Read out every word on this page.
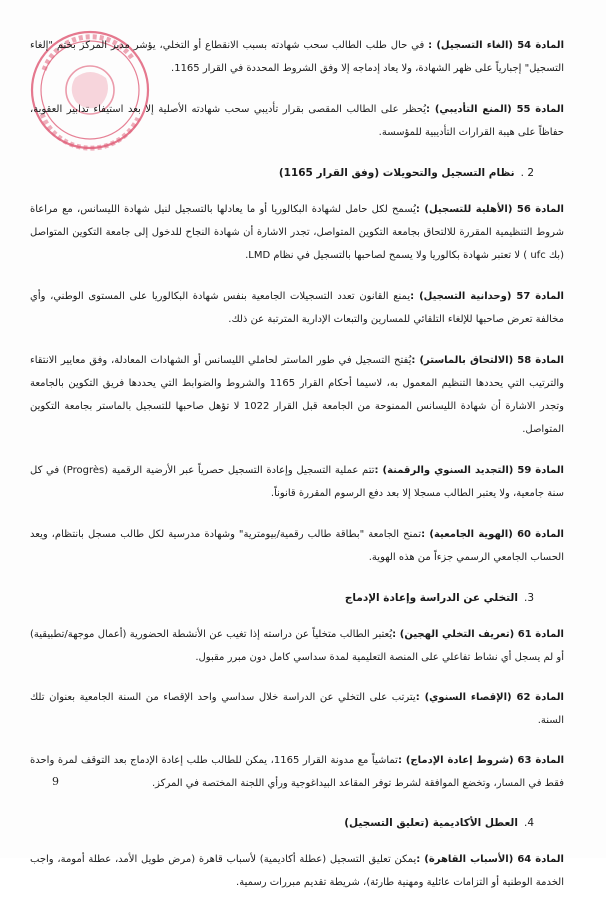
المادة 54 (الغاء التسجيل) : في حال طلب الطالب سحب شهادته بسبب الانقطاع أو التخلي، يؤشر مدير المركز بختم "إلغاء التسجيل" إجبارياً على ظهر الشهادة، ولا يعاد إدماجه إلا وفق الشروط المحددة في القرار 1165.

المادة 55 (المنع التأديبي) :يُحظر على الطالب المقصى بقرار تأديبي سحب شهادته الأصلية إلا بعد استيفاء تدابير العقوبة، حفاظاً على هيبة القرارات التأديبية للمؤسسة.

2 .نظام التسجيل والتحويلات (وفق القرار 1165)

المادة 56 (الأهلية للتسجيل) :يُسمح لكل حامل لشهادة البكالوريا أو ما يعادلها بالتسجيل لنيل شهادة الليسانس، مع مراعاة شروط التنظيمية المقررة للالتحاق بجامعة التكوين المتواصل، تجدر الاشارة أن شهادة النجاح للدخول إلى جامعة التكوين المتواصل (بك ufc ) لا تعتبر شهادة بكالوريا ولا يسمح لصاحبها بالتسجيل في نظام LMD.

المادة 57 (وحدانية التسجيل) :يمنع القانون تعدد التسجيلات الجامعية بنفس شهادة البكالوريا على المستوى الوطني، وأي مخالفة تعرض صاحبها للإلغاء التلقائي للمسارين والتبعات الإدارية المترتبة عن ذلك.

المادة 58 (الالتحاق بالماستر) :يُفتح التسجيل في طور الماستر لحاملي الليسانس أو الشهادات المعادلة، وفق معايير الانتقاء والترتيب التي يحددها التنظيم المعمول به، لاسيما أحكام القرار 1165 والشروط والضوابط التي يحددها فريق التكوين بالجامعة وتجدر الاشارة أن شهادة الليسانس الممنوحة من الجامعة قبل القرار 1022 لا تؤهل صاحبها للتسجيل بالماستر بجامعة التكوين المتواصل.

المادة 59 (التجديد السنوي والرقمنة) :تتم عملية التسجيل وإعادة التسجيل حصرياً عبر الأرضية الرقمية (Progrès) في كل سنة جامعية، ولا يعتبر الطالب مسجلا إلا بعد دفع الرسوم المقررة قانوناً.

المادة 60 (الهوية الجامعية) :تمنح الجامعة "بطاقة طالب رقمية/بيومترية" وشهادة مدرسية لكل طالب مسجل بانتظام، ويعد الحساب الجامعي الرسمي جزءاً من هذه الهوية.

3.التخلي عن الدراسة وإعادة الإدماج

المادة 61 (تعريف التخلي الهجين) :يُعتبر الطالب متخلياً عن دراسته إذا تغيب عن الأنشطة الحضورية (أعمال موجهة/تطبيقية) أو لم يسجل أي نشاط تفاعلي على المنصة التعليمية لمدة سداسي كامل دون مبرر مقبول.

المادة 62 (الإقصاء السنوي) :يترتب على التخلي عن الدراسة خلال سداسي واحد الإقصاء من السنة الجامعية بعنوان تلك السنة.

المادة 63 (شروط إعادة الإدماج) :تماشياً مع مدونة القرار 1165، يمكن للطالب طلب إعادة الإدماج بعد التوقف لمرة واحدة فقط في المسار، وتخضع الموافقة لشرط توفر المقاعد البيداغوجية ورأي اللجنة المختصة في المركز.

4.العطل الأكاديمية (تعليق التسجيل)

المادة 64 (الأسباب القاهرة) :يمكن تعليق التسجيل (عطلة أكاديمية) لأسباب قاهرة (مرض طويل الأمد، عطلة أمومة، واجب الخدمة الوطنية أو التزامات عائلية ومهنية طارئة)، شريطة تقديم مبررات رسمية.

9
